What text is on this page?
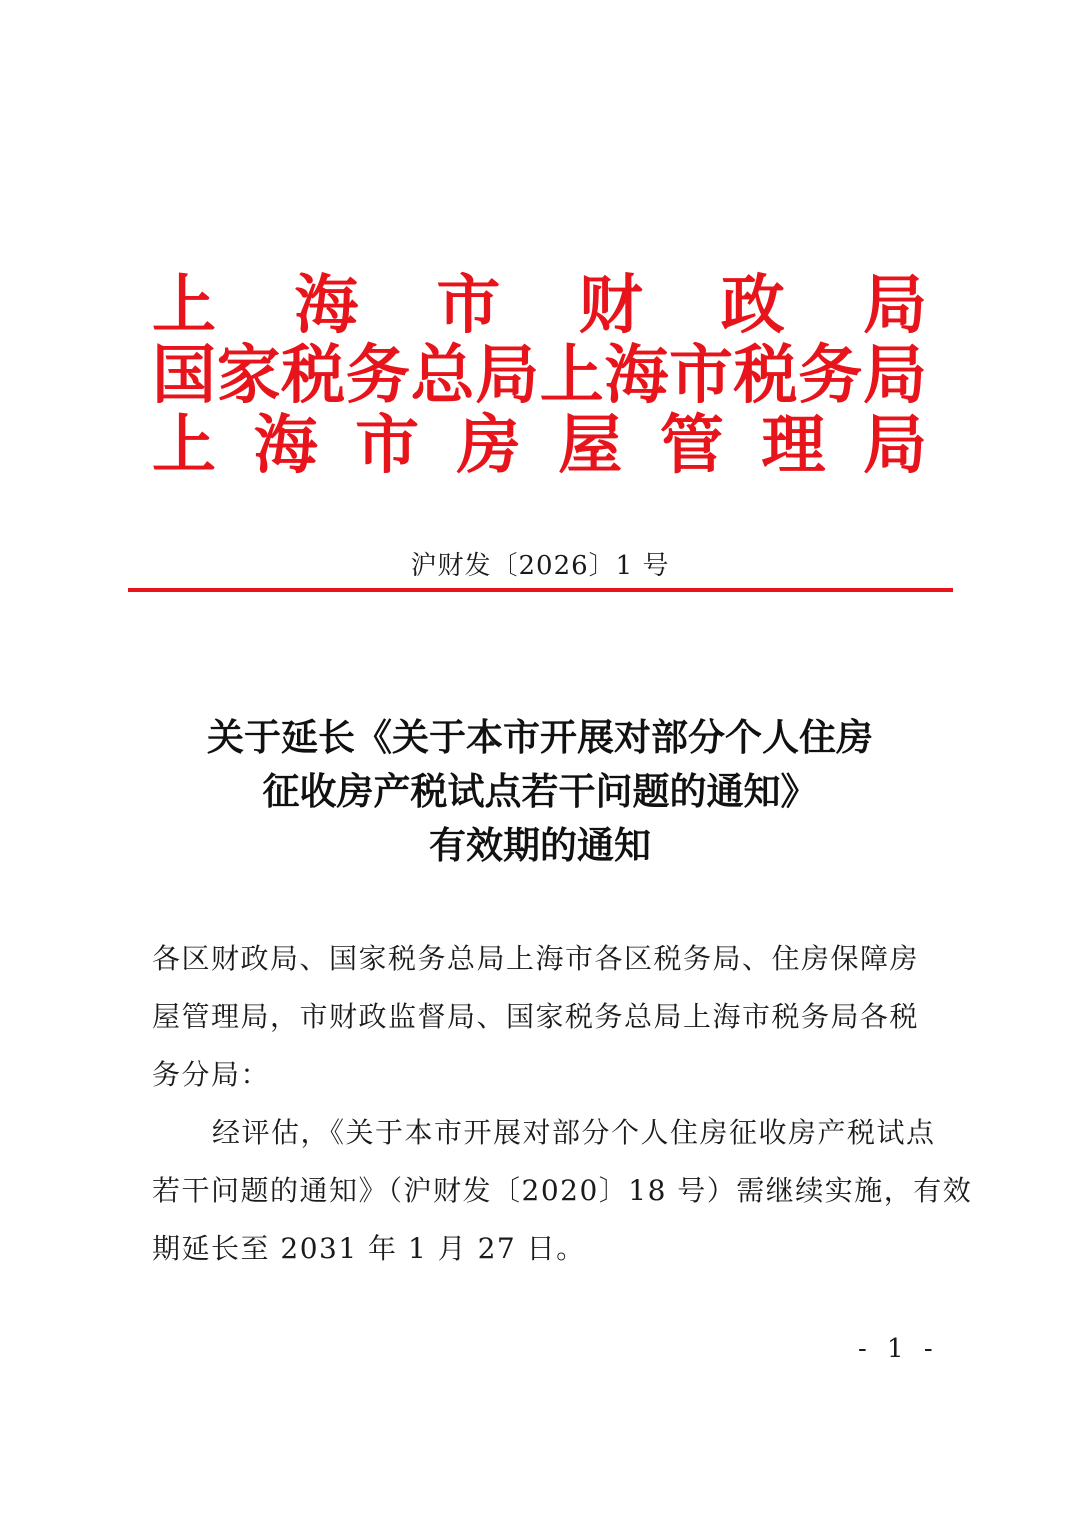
上 海 市 财 政 局
国 家 税 务 总 局 上 海 市 税 务 局
上 海 市 房 屋 管 理 局
沪财发〔2026〕1 号
关于延长《关于本市开展对部分个人住房
征收房产税试点若干问题的通知》
有效期的通知
各区财政局、国家税务总局上海市各区税务局、住房保障房
屋管理局，市财政监督局、国家税务总局上海市税务局各税
务分局：
经评估，《关于本市开展对部分个人住房征收房产税试点
若干问题的通知》（沪财发〔2020〕18 号）需继续实施，有效
期延长至 2031 年 1 月 27 日。
- 1 -
